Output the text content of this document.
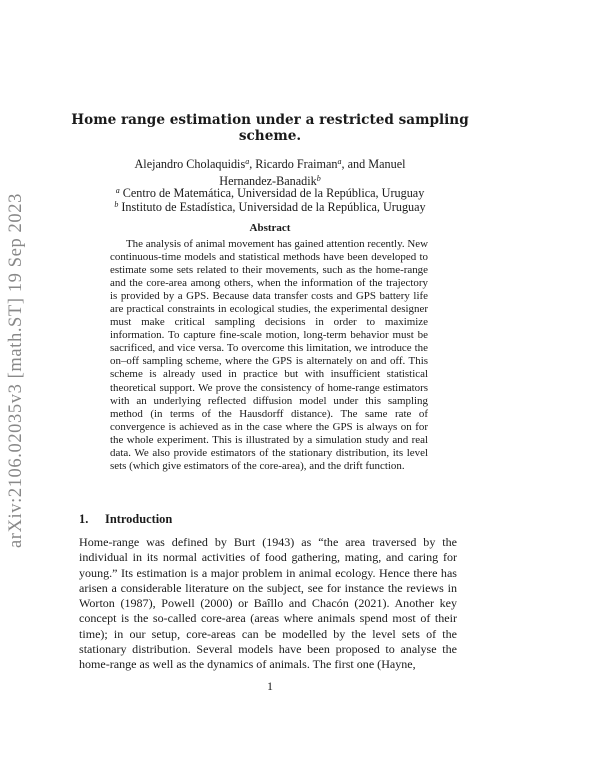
arXiv:2106.02035v3 [math.ST] 19 Sep 2023
Home range estimation under a restricted sampling scheme.
Alejandro Cholaquidis$^a$, Ricardo Fraiman$^a$, and Manuel
Hernandez-Banadik$^b$
$^a$ Centro de Matemática, Universidad de la República, Uruguay
$^b$ Instituto de Estadística, Universidad de la República, Uruguay
Abstract
The analysis of animal movement has gained attention recently. New continuous-time models and statistical methods have been developed to estimate some sets related to their movements, such as the home-range and the core-area among others, when the information of the trajectory is provided by a GPS. Because data transfer costs and GPS battery life are practical constraints in ecological studies, the experimental designer must make critical sampling decisions in order to maximize information. To capture fine-scale motion, long-term behavior must be sacrificed, and vice versa. To overcome this limitation, we introduce the on–off sampling scheme, where the GPS is alternately on and off. This scheme is already used in practice but with insufficient statistical theoretical support. We prove the consistency of home-range estimators with an underlying reflected diffusion model under this sampling method (in terms of the Hausdorff distance). The same rate of convergence is achieved as in the case where the GPS is always on for the whole experiment. This is illustrated by a simulation study and real data. We also provide estimators of the stationary distribution, its level sets (which give estimators of the core-area), and the drift function.
1. Introduction
Home-range was defined by Burt (1943) as “the area traversed by the individual in its normal activities of food gathering, mating, and caring for young.” Its estimation is a major problem in animal ecology. Hence there has arisen a considerable literature on the subject, see for instance the reviews in Worton (1987), Powell (2000) or Baîllo and Chacón (2021). Another key concept is the so-called core-area (areas where animals spend most of their time); in our setup, core-areas can be modelled by the level sets of the stationary distribution. Several models have been proposed to analyse the home-range as well as the dynamics of animals. The first one (Hayne,
1
